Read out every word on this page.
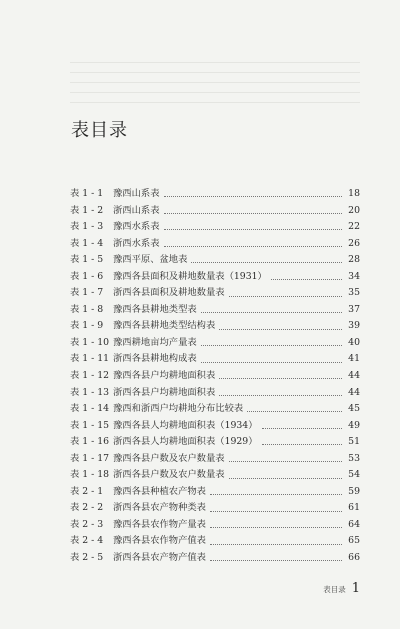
表目录
表 1 - 1	豫西山系表	18
表 1 - 2	浙西山系表	20
表 1 - 3	豫西水系表	22
表 1 - 4	浙西水系表	26
表 1 - 5	豫西平原、盆地表	28
表 1 - 6	豫西各县面积及耕地数量表（1931）	34
表 1 - 7	浙西各县面积及耕地数量表	35
表 1 - 8	豫西各县耕地类型表	37
表 1 - 9	豫西各县耕地类型结构表	39
表 1 - 10 豫西耕地亩均产量表	40
表 1 - 11 浙西各县耕地构成表	41
表 1 - 12 豫西各县户均耕地面积表	44
表 1 - 13 浙西各县户均耕地面积表	44
表 1 - 14 豫西和浙西户均耕地分布比较表	45
表 1 - 15 豫西各县人均耕地面积表（1934）	49
表 1 - 16 浙西各县人均耕地面积表（1929）	51
表 1 - 17 豫西各县户数及农户数量表	53
表 1 - 18 浙西各县户数及农户数量表	54
表 2 - 1	豫西各县种植农产物表	59
表 2 - 2	浙西各县农产物种类表	61
表 2 - 3	豫西各县农作物产量表	64
表 2 - 4	豫西各县农作物产值表	65
表 2 - 5	浙西各县农产物产值表	66
表目录 1
